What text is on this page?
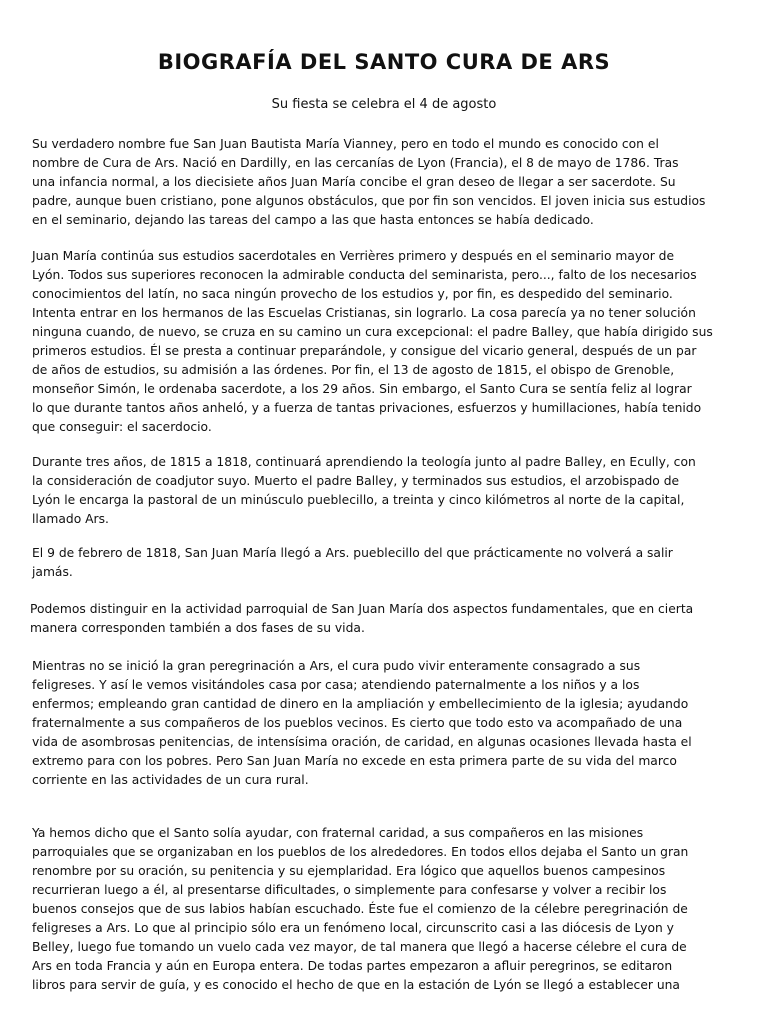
BIOGRAFÍA DEL SANTO CURA DE ARS

Su fiesta se celebra el 4 de agosto

Su verdadero nombre fue San Juan Bautista María Vianney, pero en todo el mundo es conocido con el
nombre de Cura de Ars. Nació en Dardilly, en las cercanías de Lyon (Francia), el 8 de mayo de 1786. Tras
una infancia normal, a los diecisiete años Juan María concibe el gran deseo de llegar a ser sacerdote. Su
padre, aunque buen cristiano, pone algunos obstáculos, que por fin son vencidos. El joven inicia sus estudios
en el seminario, dejando las tareas del campo a las que hasta entonces se había dedicado.

Juan María continúa sus estudios sacerdotales en Verrières primero y después en el seminario mayor de
Lyón. Todos sus superiores reconocen la admirable conducta del seminarista, pero..., falto de los necesarios
conocimientos del latín, no saca ningún provecho de los estudios y, por fin, es despedido del seminario.
Intenta entrar en los hermanos de las Escuelas Cristianas, sin lograrlo. La cosa parecía ya no tener solución
ninguna cuando, de nuevo, se cruza en su camino un cura excepcional: el padre Balley, que había dirigido sus
primeros estudios. Él se presta a continuar preparándole, y consigue del vicario general, después de un par
de años de estudios, su admisión a las órdenes. Por fin, el 13 de agosto de 1815, el obispo de Grenoble,
monseñor Simón, le ordenaba sacerdote, a los 29 años. Sin embargo, el Santo Cura se sentía feliz al lograr
lo que durante tantos años anheló, y a fuerza de tantas privaciones, esfuerzos y humillaciones, había tenido
que conseguir: el sacerdocio.

Durante tres años, de 1815 a 1818, continuará aprendiendo la teología junto al padre Balley, en Ecully, con
la consideración de coadjutor suyo. Muerto el padre Balley, y terminados sus estudios, el arzobispado de
Lyón le encarga la pastoral de un minúsculo pueblecillo, a treinta y cinco kilómetros al norte de la capital,
llamado Ars.

El 9 de febrero de 1818, San Juan María llegó a Ars. pueblecillo del que prácticamente no volverá a salir
jamás.

Podemos distinguir en la actividad parroquial de San Juan María dos aspectos fundamentales, que en cierta
manera corresponden también a dos fases de su vida.

Mientras no se inició la gran peregrinación a Ars, el cura pudo vivir enteramente consagrado a sus
feligreses. Y así le vemos visitándoles casa por casa; atendiendo paternalmente a los niños y a los
enfermos; empleando gran cantidad de dinero en la ampliación y embellecimiento de la iglesia; ayudando
fraternalmente a sus compañeros de los pueblos vecinos. Es cierto que todo esto va acompañado de una
vida de asombrosas penitencias, de intensísima oración, de caridad, en algunas ocasiones llevada hasta el
extremo para con los pobres. Pero San Juan María no excede en esta primera parte de su vida del marco
corriente en las actividades de un cura rural.

Ya hemos dicho que el Santo solía ayudar, con fraternal caridad, a sus compañeros en las misiones
parroquiales que se organizaban en los pueblos de los alrededores. En todos ellos dejaba el Santo un gran
renombre por su oración, su penitencia y su ejemplaridad. Era lógico que aquellos buenos campesinos
recurrieran luego a él, al presentarse dificultades, o simplemente para confesarse y volver a recibir los
buenos consejos que de sus labios habían escuchado. Éste fue el comienzo de la célebre peregrinación de
feligreses a Ars. Lo que al principio sólo era un fenómeno local, circunscrito casi a las diócesis de Lyon y
Belley, luego fue tomando un vuelo cada vez mayor, de tal manera que llegó a hacerse célebre el cura de
Ars en toda Francia y aún en Europa entera. De todas partes empezaron a afluir peregrinos, se editaron
libros para servir de guía, y es conocido el hecho de que en la estación de Lyón se llegó a establecer una
